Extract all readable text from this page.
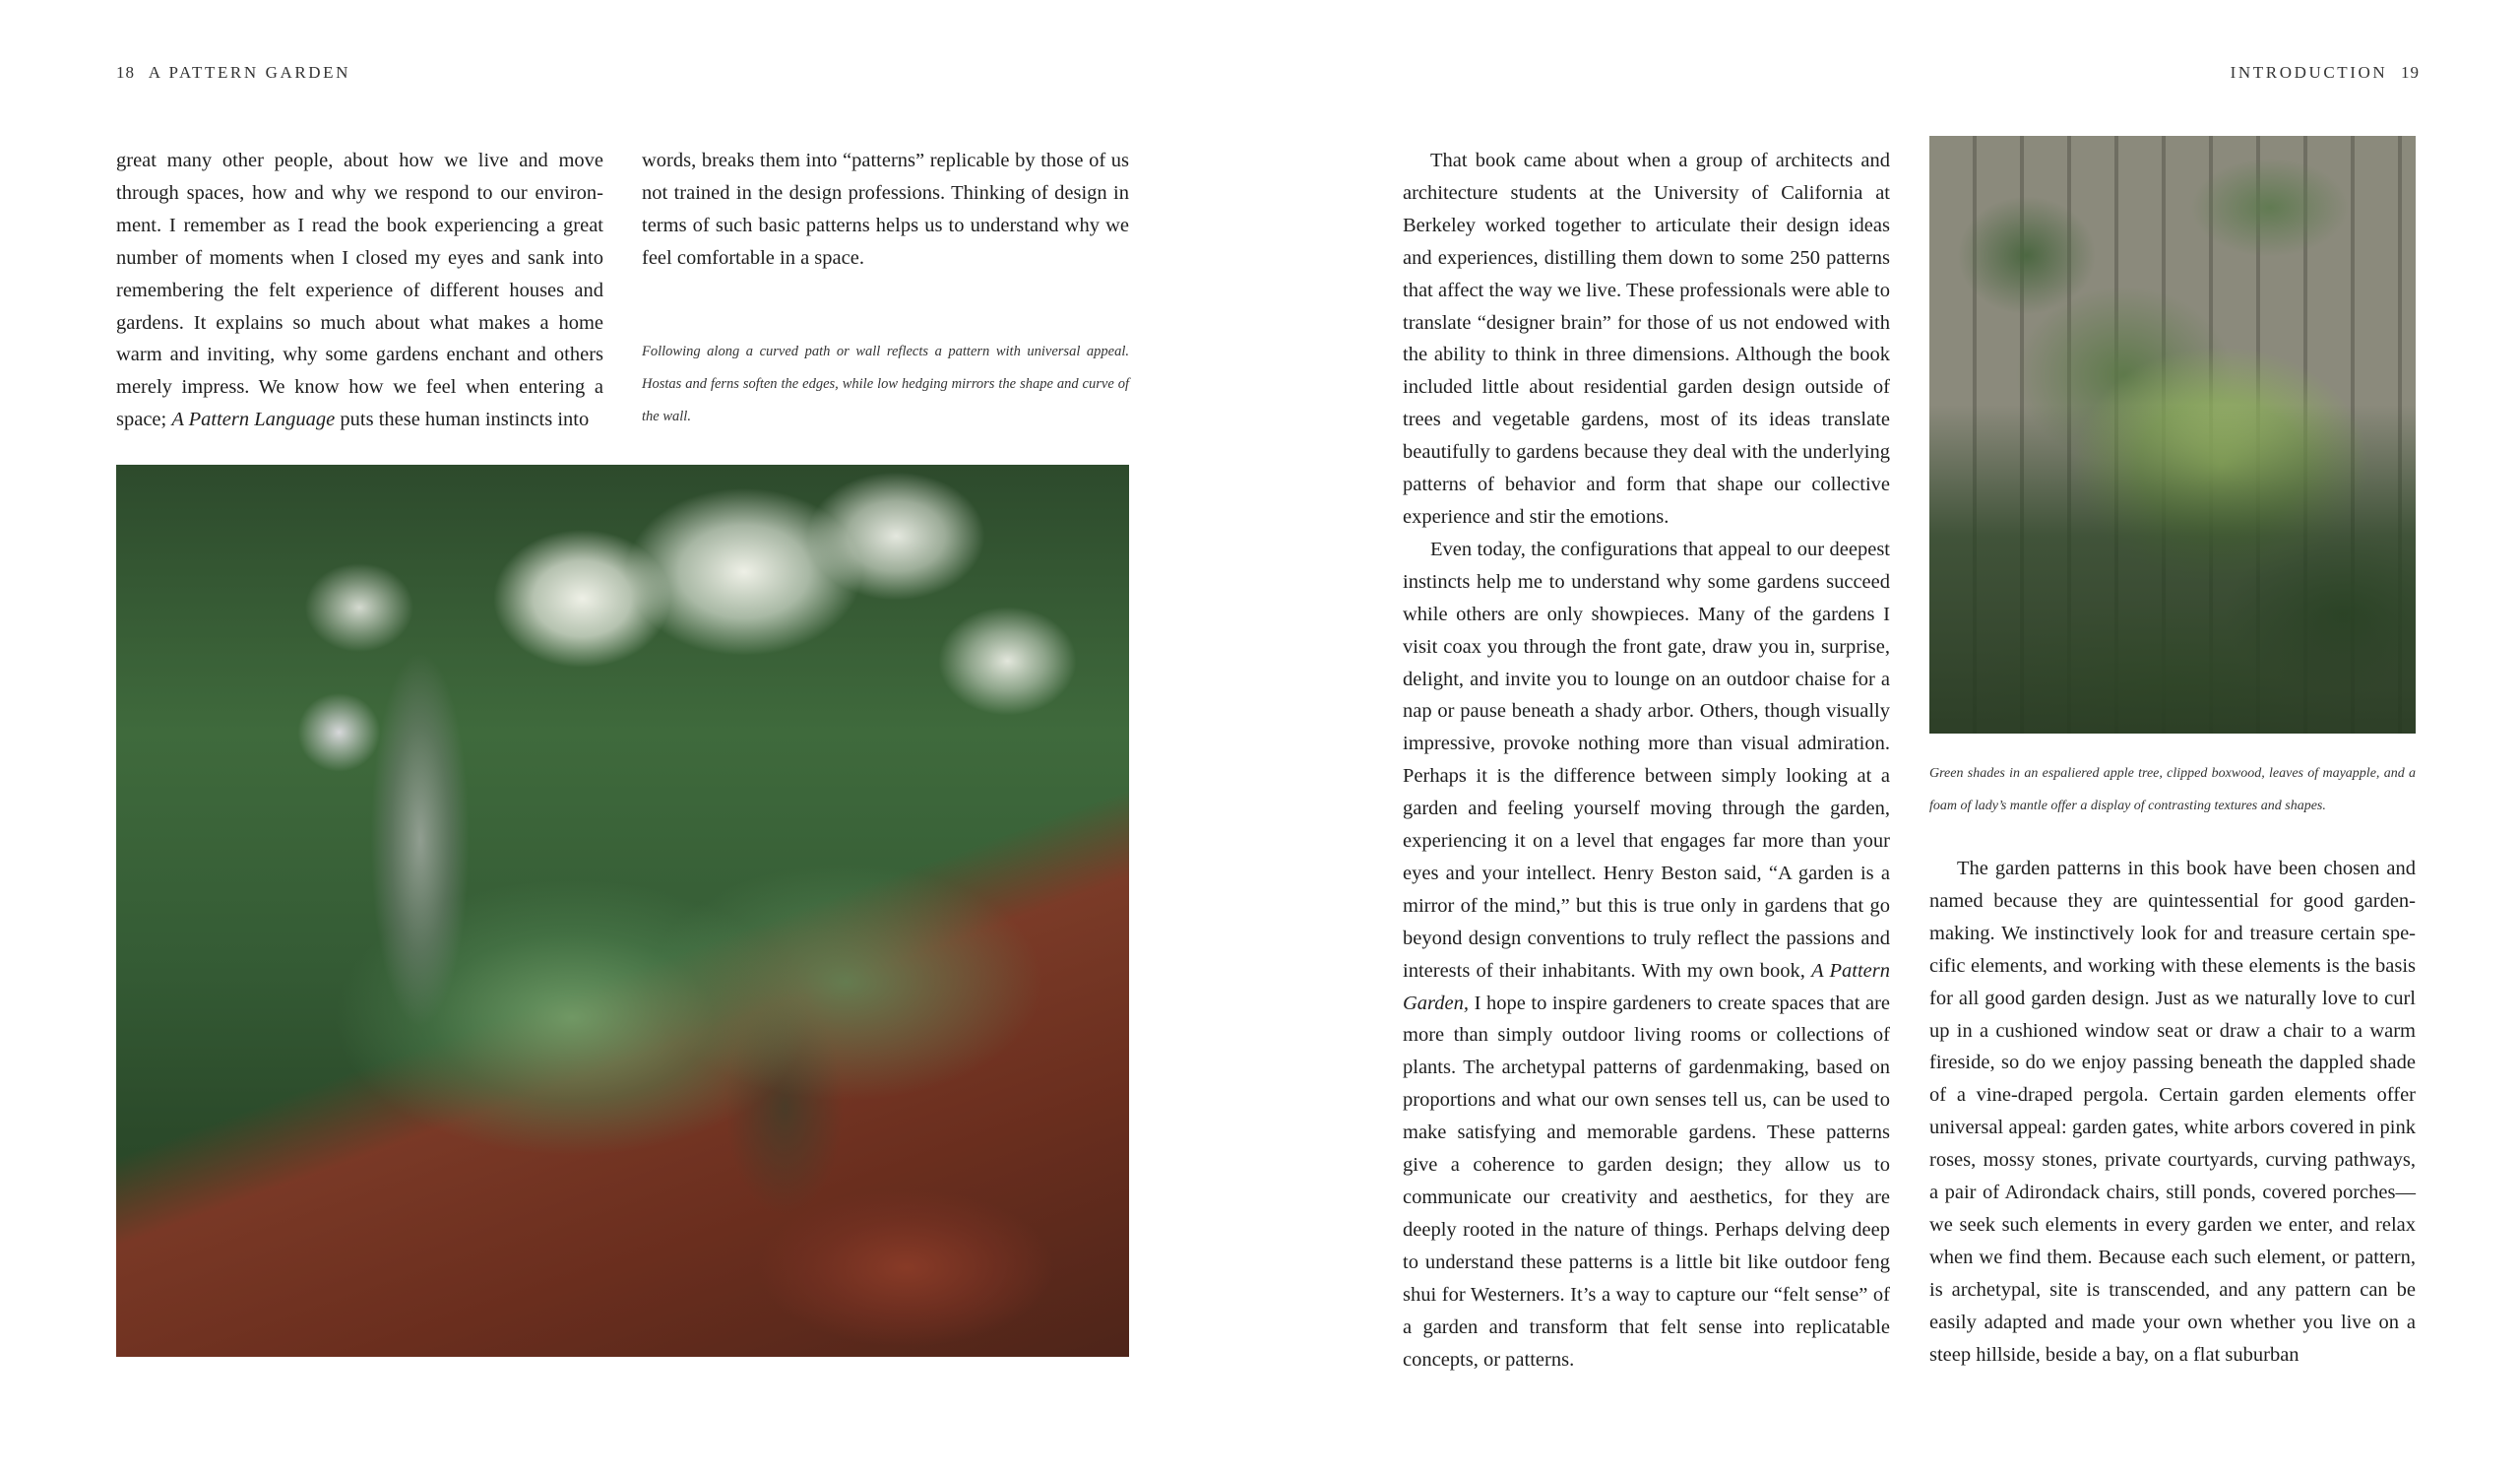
18 A PATTERN GARDEN

great many other people, about how we live and move through spaces, how and why we respond to our environment. I remember as I read the book experiencing a great number of moments when I closed my eyes and sank into remembering the felt experience of different houses and gardens. It explains so much about what makes a home warm and inviting, why some gardens enchant and others merely impress. We know how we feel when entering a space; A Pattern Language puts these human instincts into

words, breaks them into “patterns” replicable by those of us not trained in the design professions. Thinking of design in terms of such basic patterns helps us to understand why we feel comfortable in a space.

Following along a curved path or wall reflects a pattern with universal appeal. Hostas and ferns soften the edges, while low hedging mirrors the shape and curve of the wall.
INTRODUCTION 19

That book came about when a group of architects and architecture students at the University of California at Berkeley worked together to articulate their design ideas and experiences, distilling them down to some 250 patterns that affect the way we live. These professionals were able to translate “designer brain” for those of us not endowed with the ability to think in three dimensions. Although the book included little about residential garden design outside of trees and vegetable gardens, most of its ideas translate beautifully to gardens because they deal with the underlying patterns of behavior and form that shape our collective experience and stir the emotions.

Even today, the configurations that appeal to our deepest instincts help me to understand why some gardens succeed while others are only showpieces. Many of the gardens I visit coax you through the front gate, draw you in, surprise, delight, and invite you to lounge on an outdoor chaise for a nap or pause beneath a shady arbor. Others, though visually impressive, provoke nothing more than visual admiration. Perhaps it is the difference between simply looking at a garden and feeling yourself moving through the garden, experiencing it on a level that engages far more than your eyes and your intellect. Henry Beston said, “A garden is a mirror of the mind,” but this is true only in gardens that go beyond design conventions to truly reflect the passions and interests of their inhabitants. With my own book, A Pattern Garden, I hope to inspire gardeners to create spaces that are more than simply outdoor living rooms or collections of plants. The archetypal patterns of gardenmaking, based on proportions and what our own senses tell us, can be used to make satisfying and memorable gardens. These patterns give a coherence to garden design; they allow us to communicate our creativity and aesthetics, for they are deeply rooted in the nature of things. Perhaps delving deep to understand these patterns is a little bit like outdoor feng shui for Westerners. It’s a way to capture our “felt sense” of a garden and transform that felt sense into replicatable concepts, or patterns.

Green shades in an espaliered apple tree, clipped boxwood, leaves of mayapple, and a foam of lady’s mantle offer a display of contrasting textures and shapes.

The garden patterns in this book have been chosen and named because they are quintessential for good gardenmaking. We instinctively look for and treasure certain specific elements, and working with these elements is the basis for all good garden design. Just as we naturally love to curl up in a cushioned window seat or draw a chair to a warm fireside, so do we enjoy passing beneath the dappled shade of a vine-draped pergola. Certain garden elements offer universal appeal: garden gates, white arbors covered in pink roses, mossy stones, private courtyards, curving pathways, a pair of Adirondack chairs, still ponds, covered porches—we seek such elements in every garden we enter, and relax when we find them. Because each such element, or pattern, is archetypal, site is transcended, and any pattern can be easily adapted and made your own whether you live on a steep hillside, beside a bay, on a flat suburban
